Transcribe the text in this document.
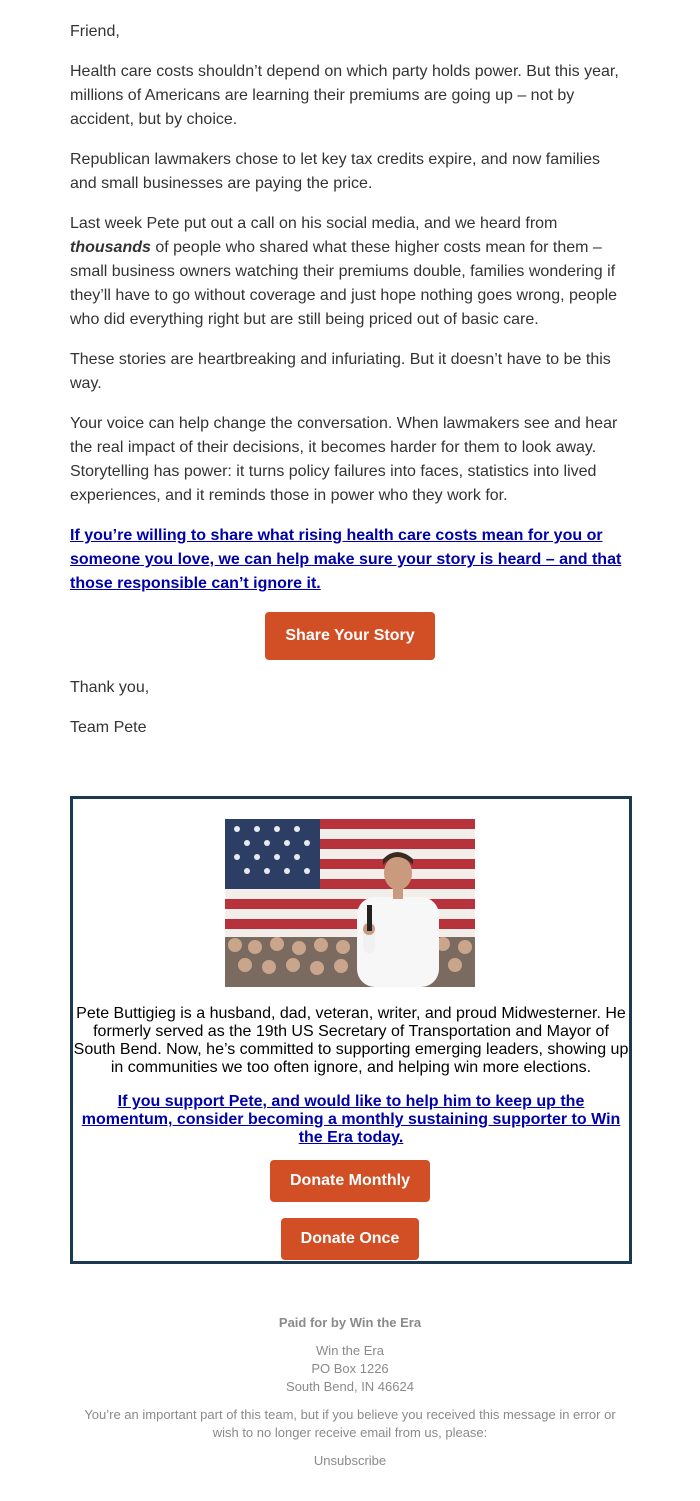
Friend,

Health care costs shouldn’t depend on which party holds power. But this year, millions of Americans are learning their premiums are going up – not by accident, but by choice.

Republican lawmakers chose to let key tax credits expire, and now families and small businesses are paying the price.

Last week Pete put out a call on his social media, and we heard from thousands of people who shared what these higher costs mean for them – small business owners watching their premiums double, families wondering if they’ll have to go without coverage and just hope nothing goes wrong, people who did everything right but are still being priced out of basic care.

These stories are heartbreaking and infuriating. But it doesn’t have to be this way.

Your voice can help change the conversation. When lawmakers see and hear the real impact of their decisions, it becomes harder for them to look away. Storytelling has power: it turns policy failures into faces, statistics into lived experiences, and it reminds those in power who they work for.

If you’re willing to share what rising health care costs mean for you or someone you love, we can help make sure your story is heard – and that those responsible can’t ignore it.

Share Your Story

Thank you,

Team Pete

Pete Buttigieg is a husband, dad, veteran, writer, and proud Midwesterner. He formerly served as the 19th US Secretary of Transportation and Mayor of South Bend. Now, he’s committed to supporting emerging leaders, showing up in communities we too often ignore, and helping win more elections.
If you support Pete, and would like to help him to keep up the momentum, consider becoming a monthly sustaining supporter to Win the Era today.
Donate Monthly
Donate Once
Paid for by Win the Era
Win the Era
PO Box 1226
South Bend, IN 46624
You’re an important part of this team, but if you believe you received this message in error or wish to no longer receive email from us, please:
Unsubscribe
